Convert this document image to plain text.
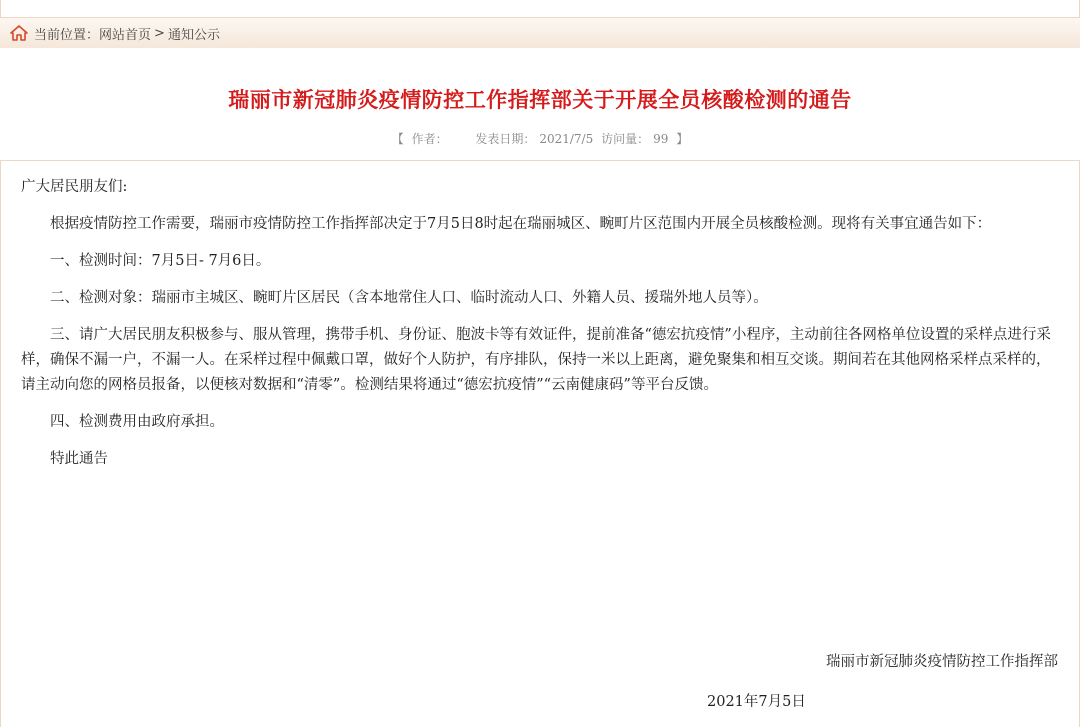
当前位置： 网站首页 > 通知公示
瑞丽市新冠肺炎疫情防控工作指挥部关于开展全员核酸检测的通告
【 作者： 发表日期： 2021/7/5 访问量： 99 】

广大居民朋友们:

根据疫情防控工作需要，瑞丽市疫情防控工作指挥部决定于7月5日8时起在瑞丽城区、畹町片区范围内开展全员核酸检测。现将有关事宜通告如下：

一、检测时间：7月5日- 7月6日。

二、检测对象：瑞丽市主城区、畹町片区居民（含本地常住人口、临时流动人口、外籍人员、援瑞外地人员等）。

三、请广大居民朋友积极参与、服从管理，携带手机、身份证、胞波卡等有效证件，提前准备“德宏抗疫情”小程序，主动前往各网格单位设置的采样点进行采样，确保不漏一户，不漏一人。在采样过程中佩戴口罩，做好个人防护，有序排队，保持一米以上距离，避免聚集和相互交谈。期间若在其他网格采样点采样的，请主动向您的网格员报备，以便核对数据和“清零”。检测结果将通过“德宏抗疫情”“云南健康码”等平台反馈。

四、检测费用由政府承担。

特此通告

瑞丽市新冠肺炎疫情防控工作指挥部
2021年7月5日
